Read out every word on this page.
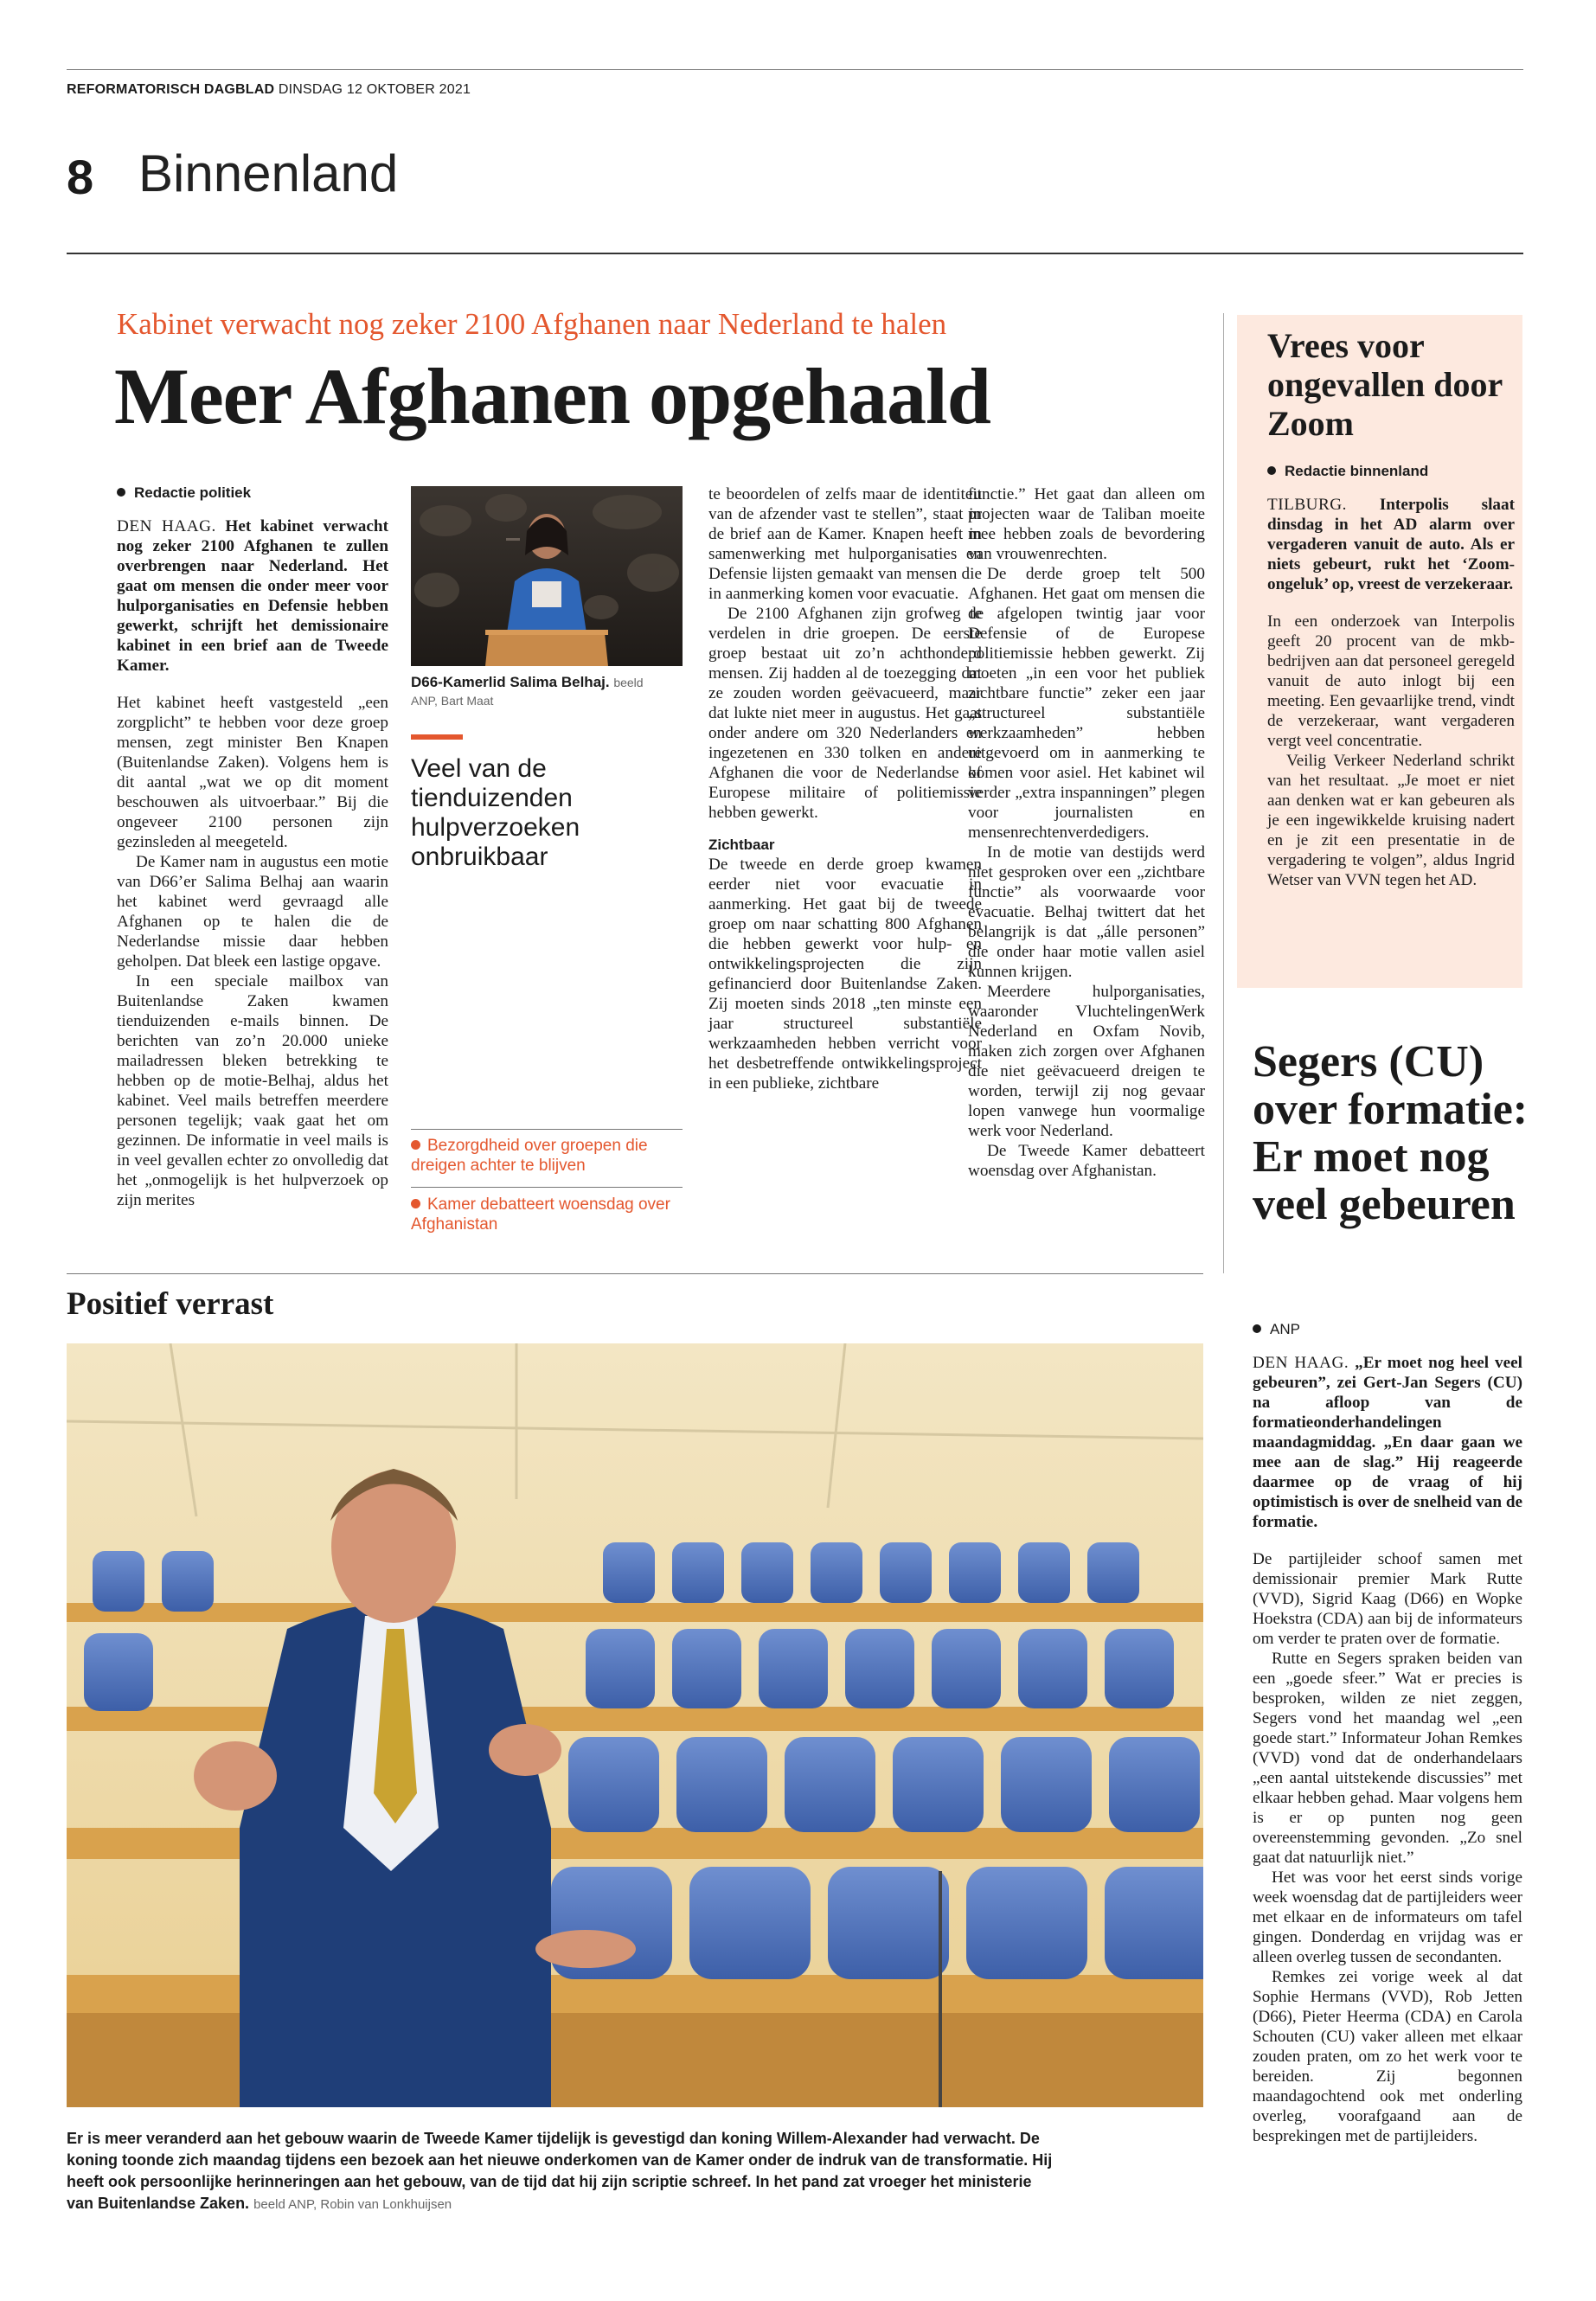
REFORMATORISCH DAGBLAD DINSDAG 12 OKTOBER 2021
8 Binnenland
Kabinet verwacht nog zeker 2100 Afghanen naar Nederland te halen
Meer Afghanen opgehaald
Redactie politiek

DEN HAAG. Het kabinet verwacht nog zeker 2100 Afghanen te zullen overbrengen naar Nederland. Het gaat om mensen die onder meer voor hulporganisaties en Defensie hebben gewerkt, schrijft het demissionaire kabinet in een brief aan de Tweede Kamer.

Het kabinet heeft vastgesteld „een zorgplicht” te hebben voor deze groep mensen, zegt minister Ben Knapen (Buitenlandse Zaken). Volgens hem is dit aantal „wat we op dit moment beschouwen als uitvoerbaar.” Bij die ongeveer 2100 personen zijn gezinsleden al meegeteld.

De Kamer nam in augustus een motie van D66’er Salima Belhaj aan waarin het kabinet werd gevraagd alle Afghanen op te halen die de Nederlandse missie daar hebben geholpen. Dat bleek een lastige opgave.

In een speciale mailbox van Buitenlandse Zaken kwamen tienduizenden e-mails binnen. De berichten van zo’n 20.000 unieke mailadressen bleken betrekking te hebben op de motie-Belhaj, aldus het kabinet. Veel mails betreffen meerdere personen tegelijk; vaak gaat het om gezinnen. De informatie in veel mails is in veel gevallen echter zo onvolledig dat het „onmogelijk is het hulpverzoek op zijn merites

D66-Kamerlid Salima Belhaj. beeld
ANP, Bart Maat
Veel van de tienduizenden hulpverzoeken onbruikbaar
Bezorgdheid over groepen die dreigen achter te blijven
Kamer debatteert woensdag over Afghanistan

te beoordelen of zelfs maar de identiteit van de afzender vast te stellen”, staat in de brief aan de Kamer. Knapen heeft in samenwerking met hulporganisaties en Defensie lijsten gemaakt van mensen die in aanmerking komen voor evacuatie.

De 2100 Afghanen zijn grofweg te verdelen in drie groepen. De eerste groep bestaat uit zo’n achthonderd mensen. Zij hadden al de toezegging dat ze zouden worden geëvacueerd, maar dat lukte niet meer in augustus. Het gaat onder andere om 320 Nederlanders en ingezetenen en 330 tolken en andere Afghanen die voor de Nederlandse of Europese militaire of politiemissie hebben gewerkt.

Zichtbaar

De tweede en derde groep kwamen eerder niet voor evacuatie in aanmerking. Het gaat bij de tweede groep om naar schatting 800 Afghanen die hebben gewerkt voor hulp- en ontwikkelingsprojecten die zijn gefinancierd door Buitenlandse Zaken. Zij moeten sinds 2018 „ten minste een jaar structureel substantiële werkzaamheden hebben verricht voor het desbetreffende ontwikkelingsproject in een publieke, zichtbare

functie.” Het gaat dan alleen om projecten waar de Taliban moeite mee hebben zoals de bevordering van vrouwenrechten.

De derde groep telt 500 Afghanen. Het gaat om mensen die de afgelopen twintig jaar voor Defensie of de Europese politiemissie hebben gewerkt. Zij moeten „in een voor het publiek zichtbare functie” zeker een jaar „structureel substantiële werkzaamheden” hebben uitgevoerd om in aanmerking te komen voor asiel. Het kabinet wil verder „extra inspanningen” plegen voor journalisten en mensenrechtenverdedigers.

In de motie van destijds werd niet gesproken over een „zichtbare functie” als voorwaarde voor evacuatie. Belhaj twittert dat het belangrijk is dat „álle personen” die onder haar motie vallen asiel kunnen krijgen.

Meerdere hulporganisaties, waaronder VluchtelingenWerk Nederland en Oxfam Novib, maken zich zorgen over Afghanen die niet geëvacueerd dreigen te worden, terwijl zij nog gevaar lopen vanwege hun voormalige werk voor Nederland.

De Tweede Kamer debatteert woensdag over Afghanistan.

Vrees voor ongevallen door Zoom
Redactie binnenland

TILBURG. Interpolis slaat dinsdag in het AD alarm over vergaderen vanuit de auto. Als er niets gebeurt, rukt het ‘Zoom-ongeluk’ op, vreest de verzekeraar.

In een onderzoek van Interpolis geeft 20 procent van de mkb-bedrijven aan dat personeel geregeld vanuit de auto inlogt bij een meeting. Een gevaarlijke trend, vindt de verzekeraar, want vergaderen vergt veel concentratie.

Veilig Verkeer Nederland schrikt van het resultaat. „Je moet er niet aan denken wat er kan gebeuren als je een ingewikkelde kruising nadert en je zit een presentatie in de vergadering te volgen”, aldus Ingrid Wetser van VVN tegen het AD.

Positief verrast
Er is meer veranderd aan het gebouw waarin de Tweede Kamer tijdelijk is gevestigd dan koning Willem-Alexander had verwacht. De koning toonde zich maandag tijdens een bezoek aan het nieuwe onderkomen van de Kamer onder de indruk van de transformatie. Hij heeft ook persoonlijke herinneringen aan het gebouw, van de tijd dat hij zijn scriptie schreef. In het pand zat vroeger het ministerie van Buitenlandse Zaken. beeld ANP, Robin van Lonkhuijsen
Segers (CU) over formatie: Er moet nog veel gebeuren
ANP

DEN HAAG. „Er moet nog heel veel gebeuren”, zei Gert-Jan Segers (CU) na afloop van de formatieonderhandelingen maandagmiddag. „En daar gaan we mee aan de slag.” Hij reageerde daarmee op de vraag of hij optimistisch is over de snelheid van de formatie.

De partijleider schoof samen met demissionair premier Mark Rutte (VVD), Sigrid Kaag (D66) en Wopke Hoekstra (CDA) aan bij de informateurs om verder te praten over de formatie.

Rutte en Segers spraken beiden van een „goede sfeer.” Wat er precies is besproken, wilden ze niet zeggen, Segers vond het maandag wel „een goede start.” Informateur Johan Remkes (VVD) vond dat de onderhandelaars „een aantal uitstekende discussies” met elkaar hebben gehad. Maar volgens hem is er op punten nog geen overeenstemming gevonden. „Zo snel gaat dat natuurlijk niet.”

Het was voor het eerst sinds vorige week woensdag dat de partijleiders weer met elkaar en de informateurs om tafel gingen. Donderdag en vrijdag was er alleen overleg tussen de secondanten.

Remkes zei vorige week al dat Sophie Hermans (VVD), Rob Jetten (D66), Pieter Heerma (CDA) en Carola Schouten (CU) vaker alleen met elkaar zouden praten, om zo het werk voor te bereiden. Zij begonnen maandagochtend ook met onderling overleg, voorafgaand aan de besprekingen met de partijleiders.
